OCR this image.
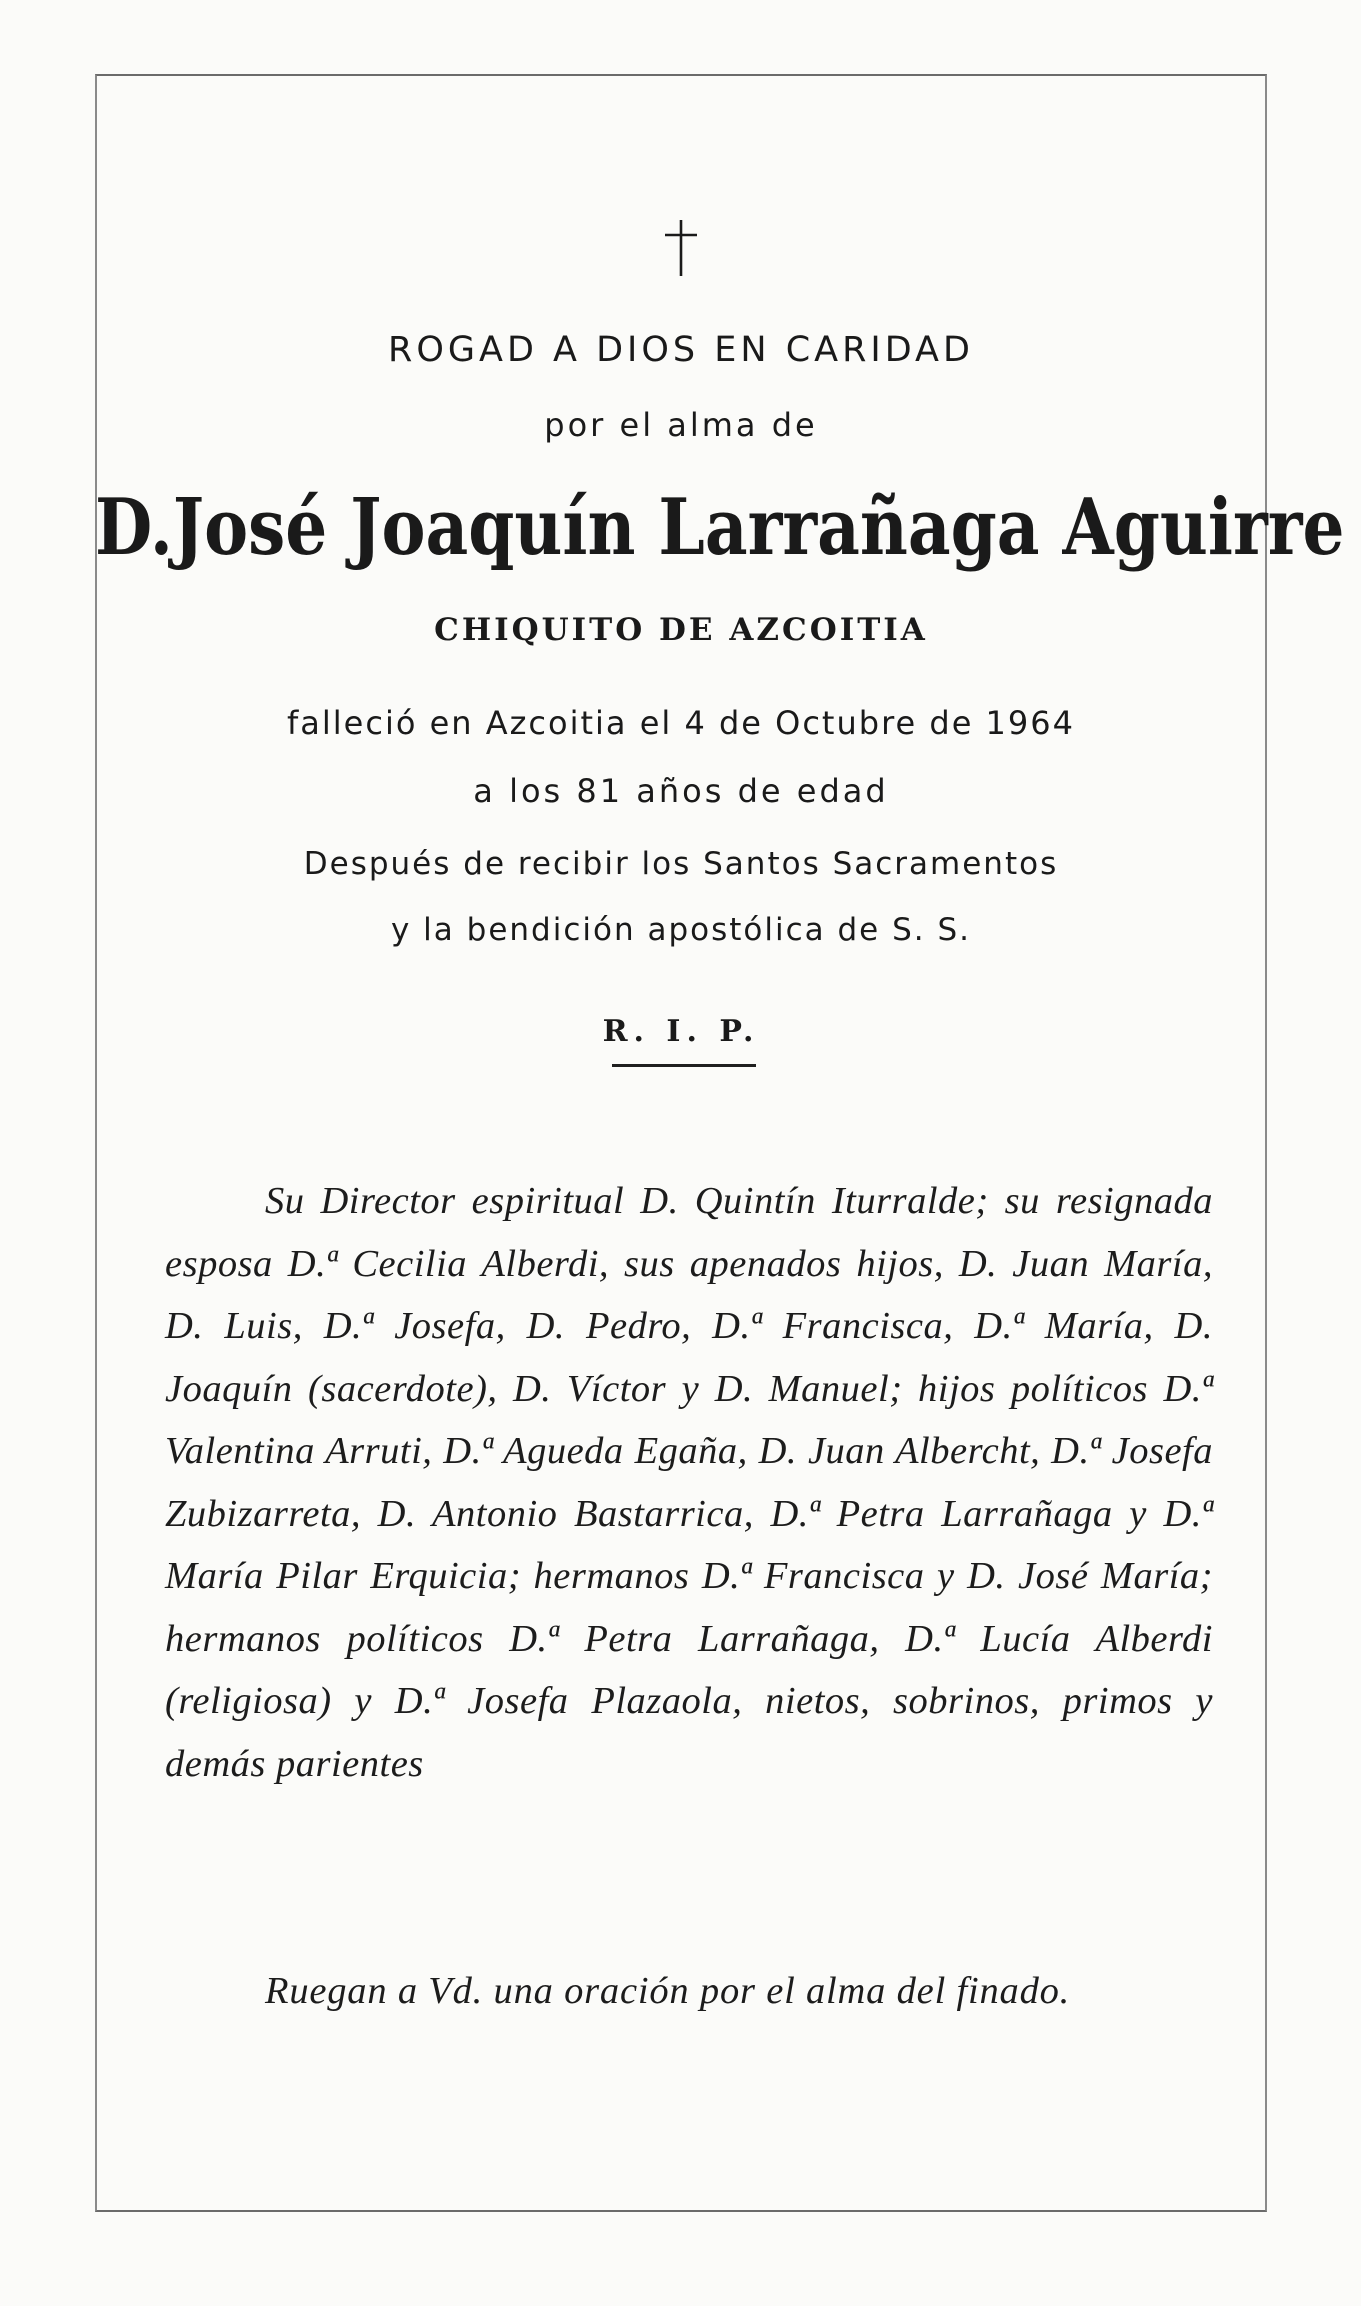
ROGAD A DIOS EN CARIDAD
por el alma de
D.José Joaquín Larrañaga Aguirre
CHIQUITO DE AZCOITIA
falleció en Azcoitia el 4 de Octubre de 1964
a los 81 años de edad
Después de recibir los Santos Sacramentos
y la bendición apostólica de S. S.
R. I. P.

Su Director espiritual D. Quintín Iturralde; su resignada esposa D.ª Cecilia Alberdi, sus apenados hijos, D. Juan María, D. Luis, D.ª Josefa, D. Pedro, D.ª Francisca, D.ª María, D. Joaquín (sacerdote), D. Víctor y D. Manuel; hijos políticos D.ª Valentina Arruti, D.ª Agueda Egaña, D. Juan Albercht, D.ª Josefa Zubizarreta, D. Antonio Bastarrica, D.ª Petra Larrañaga y D.ª María Pilar Erquicia; hermanos D.ª Francisca y D. José María; hermanos políticos D.ª Petra Larrañaga, D.ª Lucía Alberdi (religiosa) y D.ª Josefa Plazaola, nietos, sobrinos, primos y demás parientes

Ruegan a Vd. una oración por el alma del finado.
